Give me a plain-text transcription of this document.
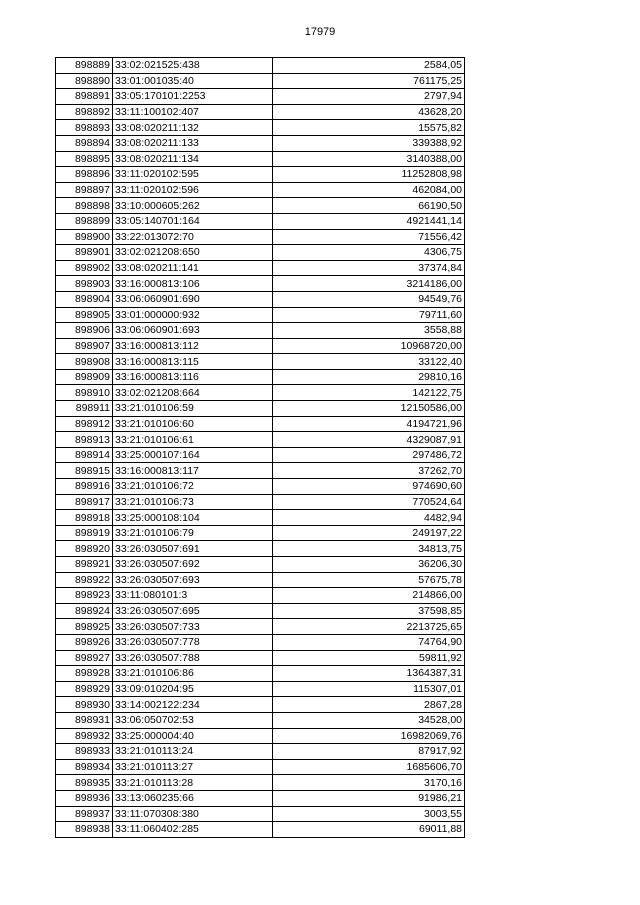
17979
898889	33:02:021525:438	2584,05
898890	33:01:001035:40	761175,25
898891	33:05:170101:2253	2797,94
898892	33:11:100102:407	43628,20
898893	33:08:020211:132	15575,82
898894	33:08:020211:133	339388,92
898895	33:08:020211:134	3140388,00
898896	33:11:020102:595	11252808,98
898897	33:11:020102:596	462084,00
898898	33:10:000605:262	66190,50
898899	33:05:140701:164	4921441,14
898900	33:22:013072:70	71556,42
898901	33:02:021208:650	4306,75
898902	33:08:020211:141	37374,84
898903	33:16:000813:106	3214186,00
898904	33:06:060901:690	94549,76
898905	33:01:000000:932	79711,60
898906	33:06:060901:693	3558,88
898907	33:16:000813:112	10968720,00
898908	33:16:000813:115	33122,40
898909	33:16:000813:116	29810,16
898910	33:02:021208:664	142122,75
898911	33:21:010106:59	12150586,00
898912	33:21:010106:60	4194721,96
898913	33:21:010106:61	4329087,91
898914	33:25:000107:164	297486,72
898915	33:16:000813:117	37262,70
898916	33:21:010106:72	974690,60
898917	33:21:010106:73	770524,64
898918	33:25:000108:104	4482,94
898919	33:21:010106:79	249197,22
898920	33:26:030507:691	34813,75
898921	33:26:030507:692	36206,30
898922	33:26:030507:693	57675,78
898923	33:11:080101:3	214866,00
898924	33:26:030507:695	37598,85
898925	33:26:030507:733	2213725,65
898926	33:26:030507:778	74764,90
898927	33:26:030507:788	59811,92
898928	33:21:010106:86	1364387,31
898929	33:09:010204:95	115307,01
898930	33:14:002122:234	2867,28
898931	33:06:050702:53	34528,00
898932	33:25:000004:40	16982069,76
898933	33:21:010113:24	87917,92
898934	33:21:010113:27	1685606,70
898935	33:21:010113:28	3170,16
898936	33:13:060235:66	91986,21
898937	33:11:070308:380	3003,55
898938	33:11:060402:285	69011,88
